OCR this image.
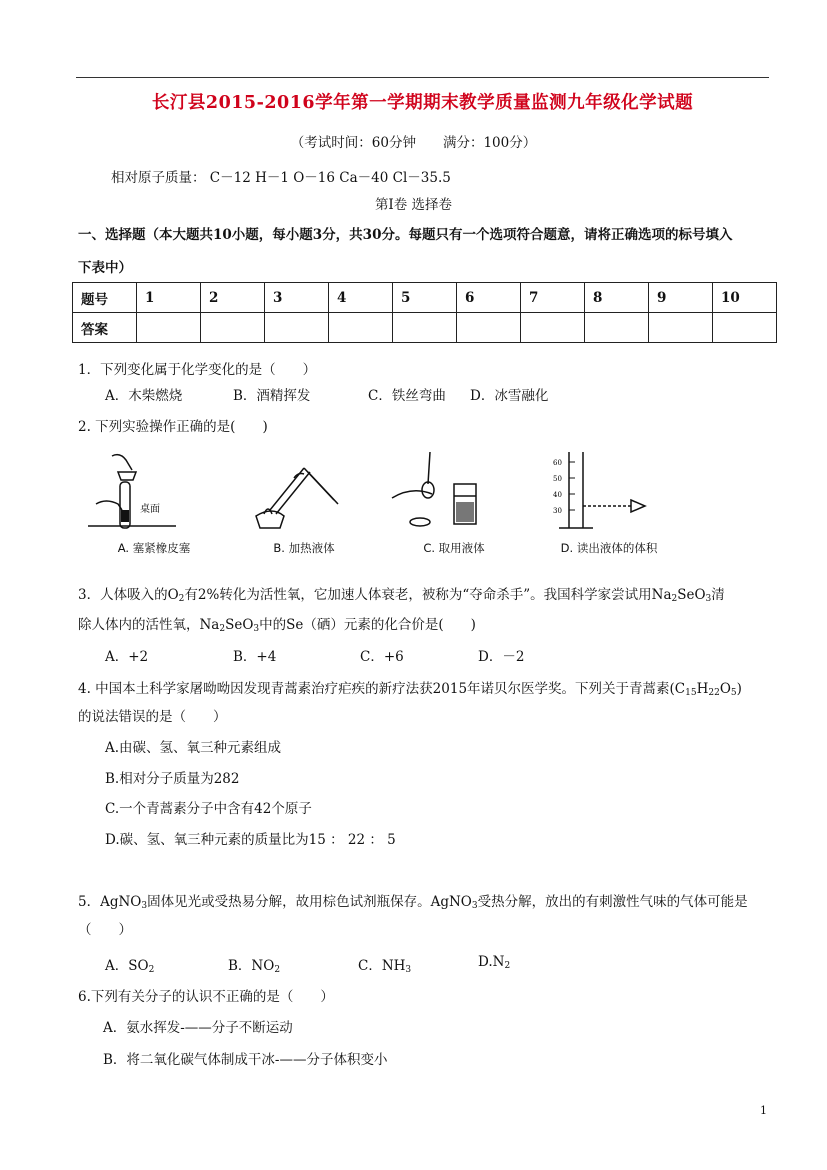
长汀县2015-2016学年第一学期期末教学质量监测九年级化学试题
（考试时间：60分钟　　满分：100分）
相对原子质量： C－12 H－1 O－16 Ca－40 Cl－35.5
第Ⅰ卷 选择卷
一、选择题（本大题共10小题，每小题3分，共30分。每题只有一个选项符合题意，请将正确选项的标号填入
下表中）
题号	1	2	3	4	5	6	7	8	9	10
答案										
1．下列变化属于化学变化的是（　　）
A．木柴燃烧	B．酒精挥发	C．铁丝弯曲 D．冰雪融化
2. 下列实验操作正确的是(　　)
桌面
A. 塞紧橡皮塞	B. 加热液体	C. 取用液体
60
50
40
30
D. 读出液体的体积
3．人体吸入的$O_2$有2%转化为活性氧，它加速人体衰老，被称为“夺命杀手”。我国科学家尝试用$Na_2SeO_3$清
除人体内的活性氧，$Na_2SeO_3$中的Se（硒）元素的化合价是(　　)
A．+2	B．+4	C．+6	D．－2
4. 中国本土科学家屠呦呦因发现青蒿素治疗疟疾的新疗法获2015年诺贝尔医学奖。下列关于青蒿素$(C_{15}H_{22}O_5)$
的说法错误的是（　　）
A.由碳、氢、氧三种元素组成
B.相对分子质量为282
C.一个青蒿素分子中含有42个原子
D.碳、氢、氧三种元素的质量比为15 ： 22 ： 5
5．AgNO$_3$固体见光或受热易分解，故用棕色试剂瓶保存。AgNO$_3$受热分解，放出的有刺激性气味的气体可能是
（　　）
A．$SO_2$	B．$NO_2$	C．$NH_3$	$D.N_2$
6.下列有关分子的认识不正确的是（　　）
A．氨水挥发-——分子不断运动
B．将二氧化碳气体制成干冰-——分子体积变小
1
